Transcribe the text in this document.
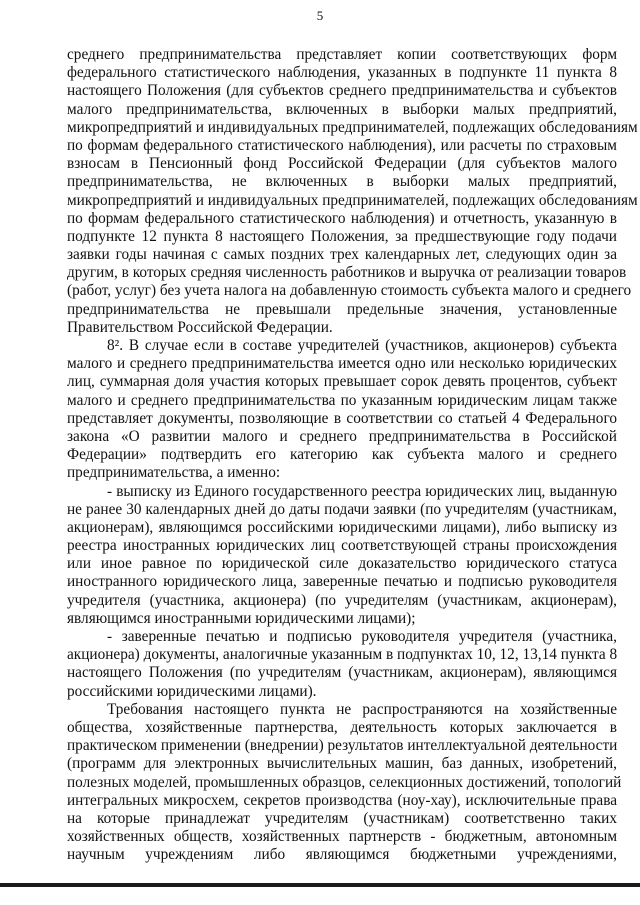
5
среднего предпринимательства представляет копии соответствующих форм
федерального статистического наблюдения, указанных в подпункте 11 пункта 8
настоящего Положения (для субъектов среднего предпринимательства и субъектов
малого предпринимательства, включенных в выборки малых предприятий,
микропредприятий и индивидуальных предпринимателей, подлежащих обследованиям
по формам федерального статистического наблюдения), или расчеты по страховым
взносам в Пенсионный фонд Российской Федерации (для субъектов малого
предпринимательства, не включенных в выборки малых предприятий,
микропредприятий и индивидуальных предпринимателей, подлежащих обследованиям
по формам федерального статистического наблюдения) и отчетность, указанную в
подпункте 12 пункта 8 настоящего Положения, за предшествующие году подачи
заявки годы начиная с самых поздних трех календарных лет, следующих один за
другим, в которых средняя численность работников и выручка от реализации товаров
(работ, услуг) без учета налога на добавленную стоимость субъекта малого и среднего
предпринимательства не превышали предельные значения, установленные
Правительством Российской Федерации.
8². В случае если в составе учредителей (участников, акционеров) субъекта
малого и среднего предпринимательства имеется одно или несколько юридических
лиц, суммарная доля участия которых превышает сорок девять процентов, субъект
малого и среднего предпринимательства по указанным юридическим лицам также
представляет документы, позволяющие в соответствии со статьей 4 Федерального
закона «О развитии малого и среднего предпринимательства в Российской
Федерации» подтвердить его категорию как субъекта малого и среднего
предпринимательства, а именно:
- выписку из Единого государственного реестра юридических лиц, выданную
не ранее 30 календарных дней до даты подачи заявки (по учредителям (участникам,
акционерам), являющимся российскими юридическими лицами), либо выписку из
реестра иностранных юридических лиц соответствующей страны происхождения
или иное равное по юридической силе доказательство юридического статуса
иностранного юридического лица, заверенные печатью и подписью руководителя
учредителя (участника, акционера) (по учредителям (участникам, акционерам),
являющимся иностранными юридическими лицами);
- заверенные печатью и подписью руководителя учредителя (участника,
акционера) документы, аналогичные указанным в подпунктах 10, 12, 13,14 пункта 8
настоящего Положения (по учредителям (участникам, акционерам), являющимся
российскими юридическими лицами).
Требования настоящего пункта не распространяются на хозяйственные
общества, хозяйственные партнерства, деятельность которых заключается в
практическом применении (внедрении) результатов интеллектуальной деятельности
(программ для электронных вычислительных машин, баз данных, изобретений,
полезных моделей, промышленных образцов, селекционных достижений, топологий
интегральных микросхем, секретов производства (ноу-хау), исключительные права
на которые принадлежат учредителям (участникам) соответственно таких
хозяйственных обществ, хозяйственных партнерств - бюджетным, автономным
научным учреждениям либо являющимся бюджетными учреждениями,
